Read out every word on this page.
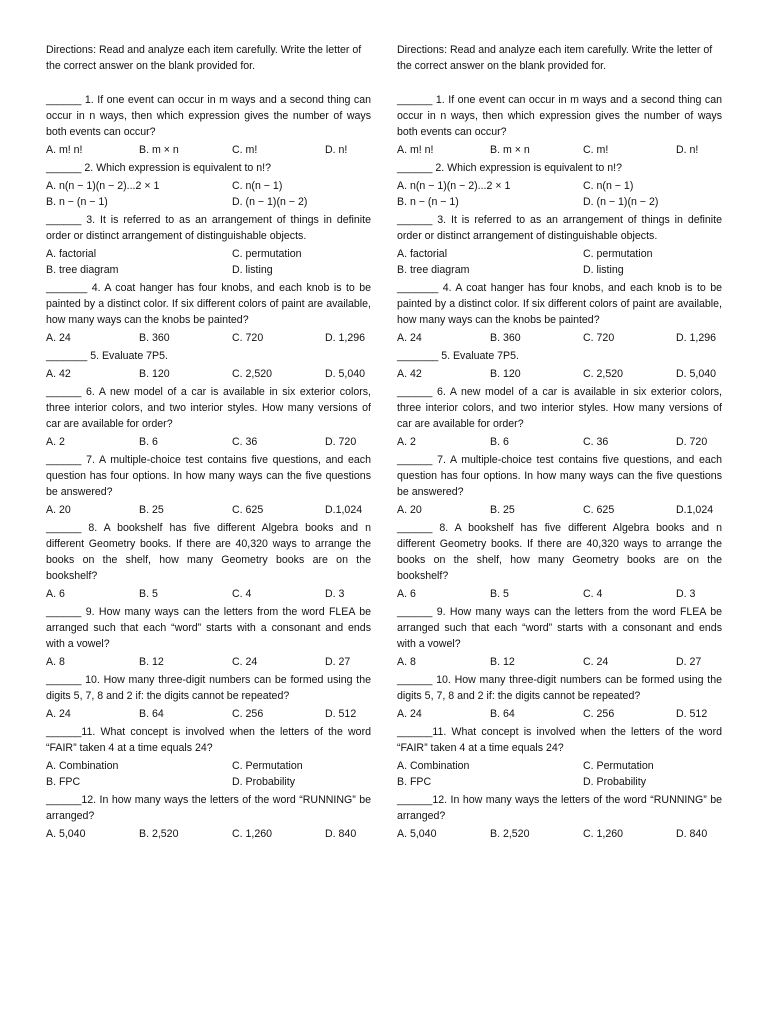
Directions: Read and analyze each item carefully. Write the letter of the correct answer on the blank provided for.
______ 1. If one event can occur in m ways and a second thing can occur in n ways, then which expression gives the number of ways both events can occur?
A. m! n!	B. m × n	C. m!	D. n!
______ 2. Which expression is equivalent to n!?
A. n(n − 1)(n − 2)...2 × 1	C. n(n − 1)
B. n − (n − 1)	D. (n − 1)(n − 2)
______ 3. It is referred to as an arrangement of things in definite order or distinct arrangement of distinguishable objects.
A. factorial	C. permutation
B. tree diagram	D. listing
_______ 4. A coat hanger has four knobs, and each knob is to be painted by a distinct color. If six different colors of paint are available, how many ways can the knobs be painted?
A. 24	B. 360	C. 720	D. 1,296
_______ 5. Evaluate 7P5.
A. 42	B. 120	C. 2,520	D. 5,040
______ 6. A new model of a car is available in six exterior colors, three interior colors, and two interior styles. How many versions of car are available for order?
A. 2	B. 6	C. 36	D. 720
______ 7. A multiple-choice test contains five questions, and each question has four options. In how many ways can the five questions be answered?
A. 20	B. 25	C. 625	D.1,024
______ 8. A bookshelf has five different Algebra books and n different Geometry books. If there are 40,320 ways to arrange the books on the shelf, how many Geometry books are on the bookshelf?
A. 6	B. 5	C. 4	D. 3
______ 9. How many ways can the letters from the word FLEA be arranged such that each “word” starts with a consonant and ends with a vowel?
A. 8	B. 12	C. 24	D. 27
______ 10. How many three-digit numbers can be formed using the digits 5, 7, 8 and 2 if: the digits cannot be repeated?
A. 24	B. 64	C. 256	D. 512
______11. What concept is involved when the letters of the word “FAIR” taken 4 at a time equals 24?
A. Combination	C. Permutation
B. FPC	D. Probability
______12. In how many ways the letters of the word “RUNNING” be arranged?
A. 5,040	B. 2,520	C. 1,260	D. 840
Directions: Read and analyze each item carefully. Write the letter of the correct answer on the blank provided for.
______ 1. If one event can occur in m ways and a second thing can occur in n ways, then which expression gives the number of ways both events can occur?
A. m! n!	B. m × n	C. m!	D. n!
______ 2. Which expression is equivalent to n!?
A. n(n − 1)(n − 2)...2 × 1	C. n(n − 1)
B. n − (n − 1)	D. (n − 1)(n − 2)
______ 3. It is referred to as an arrangement of things in definite order or distinct arrangement of distinguishable objects.
A. factorial	C. permutation
B. tree diagram	D. listing
_______ 4. A coat hanger has four knobs, and each knob is to be painted by a distinct color. If six different colors of paint are available, how many ways can the knobs be painted?
A. 24	B. 360	C. 720	D. 1,296
_______ 5. Evaluate 7P5.
A. 42	B. 120	C. 2,520	D. 5,040
______ 6. A new model of a car is available in six exterior colors, three interior colors, and two interior styles. How many versions of car are available for order?
A. 2	B. 6	C. 36	D. 720
______ 7. A multiple-choice test contains five questions, and each question has four options. In how many ways can the five questions be answered?
A. 20	B. 25	C. 625	D.1,024
______ 8. A bookshelf has five different Algebra books and n different Geometry books. If there are 40,320 ways to arrange the books on the shelf, how many Geometry books are on the bookshelf?
A. 6	B. 5	C. 4	D. 3
______ 9. How many ways can the letters from the word FLEA be arranged such that each “word” starts with a consonant and ends with a vowel?
A. 8	B. 12	C. 24	D. 27
______ 10. How many three-digit numbers can be formed using the digits 5, 7, 8 and 2 if: the digits cannot be repeated?
A. 24	B. 64	C. 256	D. 512
______11. What concept is involved when the letters of the word “FAIR” taken 4 at a time equals 24?
A. Combination	C. Permutation
B. FPC	D. Probability
______12. In how many ways the letters of the word “RUNNING” be arranged?
A. 5,040	B. 2,520	C. 1,260	D. 840
